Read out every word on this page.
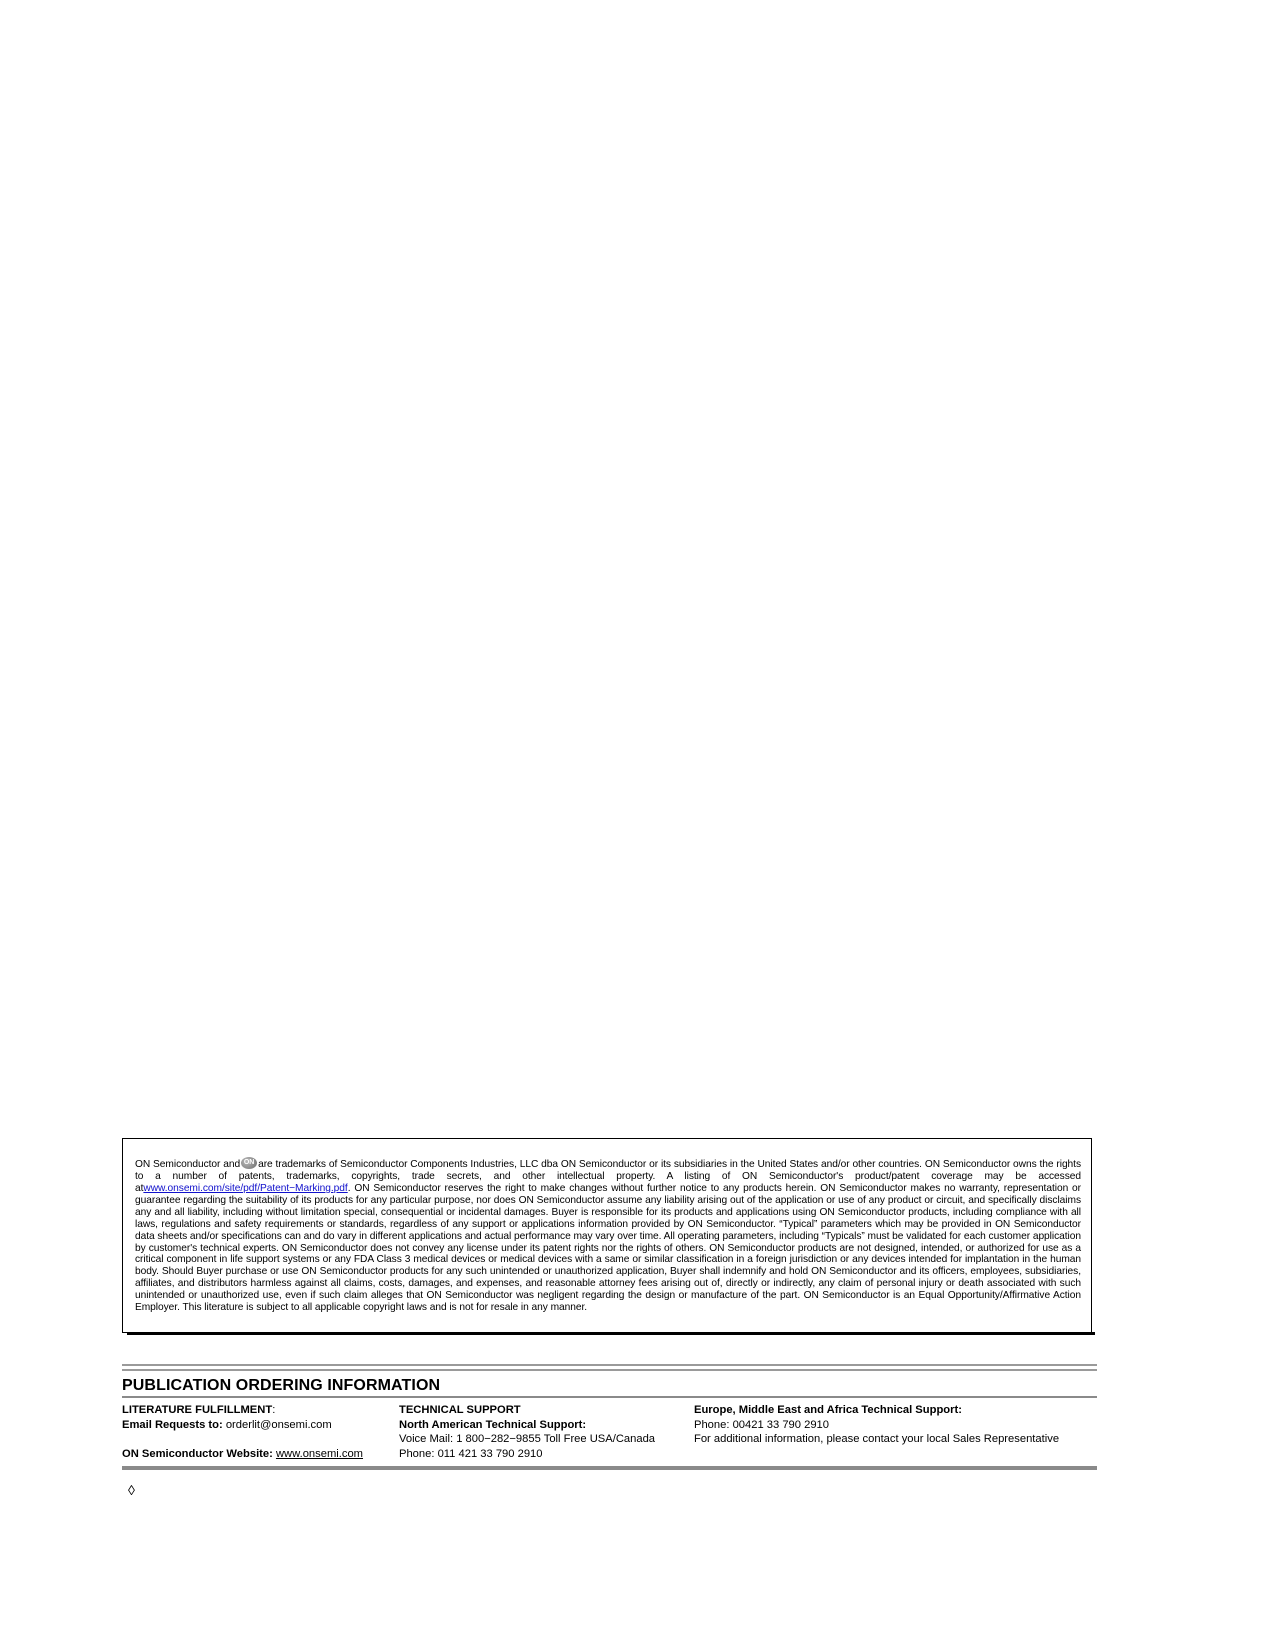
ON Semiconductor and ON are trademarks of Semiconductor Components Industries, LLC dba ON Semiconductor or its subsidiaries in the United States and/or other countries. ON Semiconductor owns the rights to a number of patents, trademarks, copyrights, trade secrets, and other intellectual property. A listing of ON Semiconductor's product/patent coverage may be accessed atwww.onsemi.com/site/pdf/Patent−Marking.pdf. ON Semiconductor reserves the right to make changes without further notice to any products herein. ON Semiconductor makes no warranty, representation or guarantee regarding the suitability of its products for any particular purpose, nor does ON Semiconductor assume any liability arising out of the application or use of any product or circuit, and specifically disclaims any and all liability, including without limitation special, consequential or incidental damages. Buyer is responsible for its products and applications using ON Semiconductor products, including compliance with all laws, regulations and safety requirements or standards, regardless of any support or applications information provided by ON Semiconductor. “Typical” parameters which may be provided in ON Semiconductor data sheets and/or specifications can and do vary in different applications and actual performance may vary over time. All operating parameters, including “Typicals” must be validated for each customer application by customer's technical experts. ON Semiconductor does not convey any license under its patent rights nor the rights of others. ON Semiconductor products are not designed, intended, or authorized for use as a critical component in life support systems or any FDA Class 3 medical devices or medical devices with a same or similar classification in a foreign jurisdiction or any devices intended for implantation in the human body. Should Buyer purchase or use ON Semiconductor products for any such unintended or unauthorized application, Buyer shall indemnify and hold ON Semiconductor and its officers, employees, subsidiaries, affiliates, and distributors harmless against all claims, costs, damages, and expenses, and reasonable attorney fees arising out of, directly or indirectly, any claim of personal injury or death associated with such unintended or unauthorized use, even if such claim alleges that ON Semiconductor was negligent regarding the design or manufacture of the part. ON Semiconductor is an Equal Opportunity/Affirmative Action Employer. This literature is subject to all applicable copyright laws and is not for resale in any manner.

PUBLICATION ORDERING INFORMATION
LITERATURE FULFILLMENT:
Email Requests to: orderlit@onsemi.com
ON Semiconductor Website: www.onsemi.com
TECHNICAL SUPPORT
North American Technical Support:
Voice Mail: 1 800−282−9855 Toll Free USA/Canada
Phone: 011 421 33 790 2910
Europe, Middle East and Africa Technical Support:
Phone: 00421 33 790 2910
For additional information, please contact your local Sales Representative
◊
